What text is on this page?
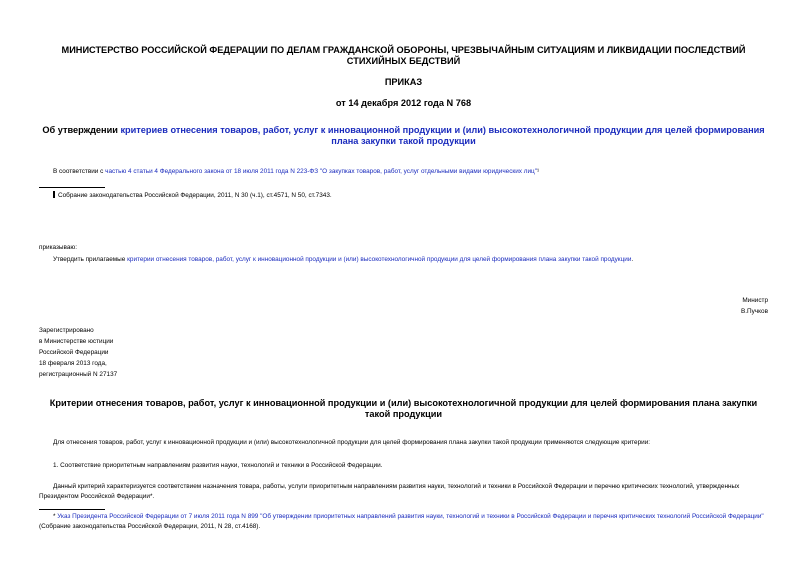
МИНИСТЕРСТВО РОССИЙСКОЙ ФЕДЕРАЦИИ ПО ДЕЛАМ ГРАЖДАНСКОЙ ОБОРОНЫ, ЧРЕЗВЫЧАЙНЫМ СИТУАЦИЯМ И ЛИКВИДАЦИИ ПОСЛЕДСТВИЙ СТИХИЙНЫХ БЕДСТВИЙ
ПРИКАЗ
от 14 декабря 2012 года N 768
Об утверждении критериев отнесения товаров, работ, услуг к инновационной продукции и (или) высокотехнологичной продукции для целей формирования плана закупки такой продукции
В соответствии с частью 4 статьи 4 Федерального закона от 18 июля 2011 года N 223-ФЗ "О закупках товаров, работ, услуг отдельными видами юридических лиц"¹
Собрание законодательства Российской Федерации, 2011, N 30 (ч.1), ст.4571, N 50, ст.7343.
приказываю:
Утвердить прилагаемые критерии отнесения товаров, работ, услуг к инновационной продукции и (или) высокотехнологичной продукции для целей формирования плана закупки такой продукции.
Министр
В.Пучков
Зарегистрировано
в Министерстве юстиции
Российской Федерации
18 февраля 2013 года,
регистрационный N 27137
Критерии отнесения товаров, работ, услуг к инновационной продукции и (или) высокотехнологичной продукции для целей формирования плана закупки такой продукции
Для отнесения товаров, работ, услуг к инновационной продукции и (или) высокотехнологичной продукции для целей формирования плана закупки такой продукции применяются следующие критерии:
1. Соответствие приоритетным направлениям развития науки, технологий и техники в Российской Федерации.
Данный критерий характеризуется соответствием назначения товара, работы, услуги приоритетным направлениям развития науки, технологий и техники в Российской Федерации и перечню критических технологий, утвержденных Президентом Российской Федерации*.
* Указ Президента Российской Федерации от 7 июля 2011 года N 899 "Об утверждении приоритетных направлений развития науки, технологий и техники в Российской Федерации и перечня критических технологий Российской Федерации" (Собрание законодательства Российской Федерации, 2011, N 28, ст.4168).
